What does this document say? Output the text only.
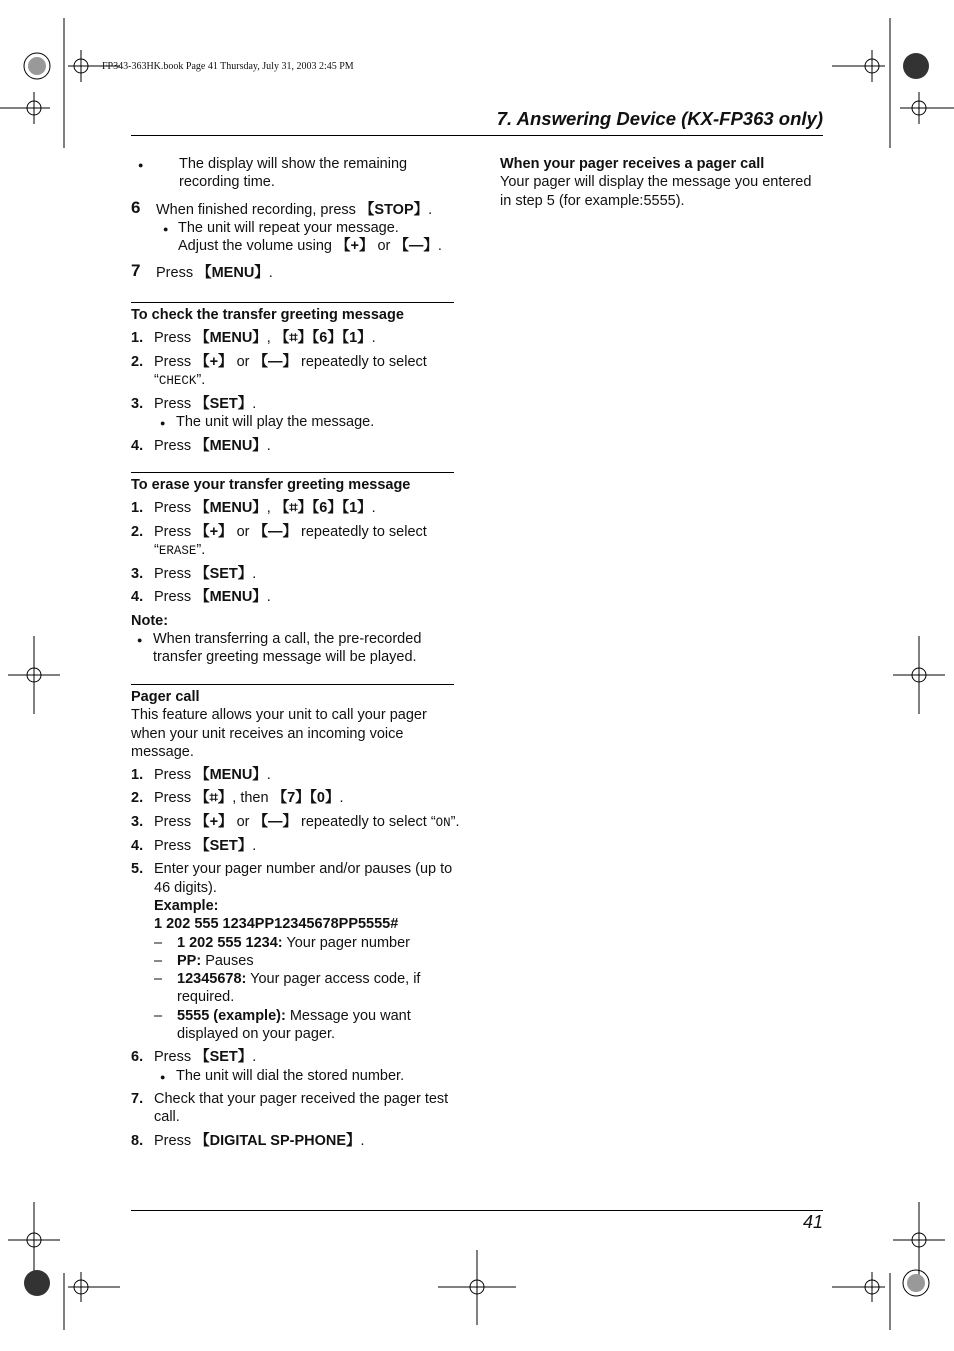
FP343-363HK.book Page 41 Thursday, July 31, 2003 2:45 PM
7. Answering Device (KX-FP363 only)

● The display will show the remaining recording time.

6 When finished recording, press 【STOP】.

● The unit will repeat your message.

Adjust the volume using 【+】 or 【—】.

7 Press 【MENU】.

To check the transfer greeting message

1. Press 【MENU】, 【⌗】【6】【1】.
2. Press 【+】 or 【—】 repeatedly to select
“CHECK”.
3. Press 【SET】.

● The unit will play the message.

4. Press 【MENU】.

To erase your transfer greeting message

1. Press 【MENU】, 【⌗】【6】【1】.
2. Press 【+】 or 【—】 repeatedly to select
“ERASE”.
3. Press 【SET】.
4. Press 【MENU】.

Note:

● When transferring a call, the pre-recorded transfer greeting message will be played.

Pager call

This feature allows your unit to call your pager when your unit receives an incoming voice message.

1. Press 【MENU】.
2. Press 【⌗】, then 【7】【0】.
3. Press 【+】 or 【—】 repeatedly to select “ON”.
4. Press 【SET】.
5. Enter your pager number and/or pauses (up to 46 digits).

Example:

1 202 555 1234PP12345678PP5555#

– 1 202 555 1234: Your pager number

– PP: Pauses

– 12345678: Your pager access code, if required.

– 5555 (example): Message you want displayed on your pager.

6. Press 【SET】.

● The unit will dial the stored number.

7. Check that your pager received the pager test call.
8. Press 【DIGITAL SP-PHONE】.

When your pager receives a pager call

Your pager will display the message you entered in step 5 (for example:5555).

41
